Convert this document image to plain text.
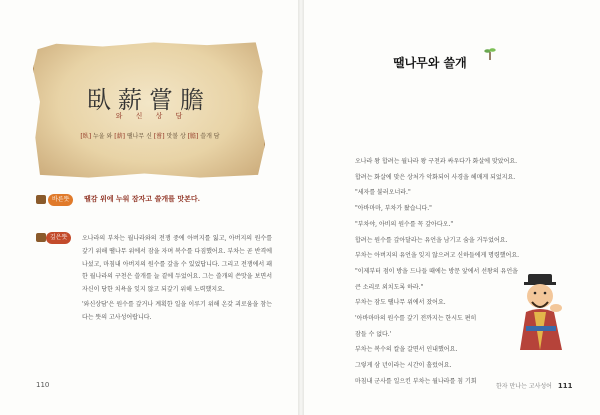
臥薪嘗膽
와	신	상	담
[臥] 누울 와 [薪] 땔나무 신 [嘗] 맛볼 상 [膽] 쓸개 담
바른뜻	땔감 위에 누워 잠자고 쓸개를 맛본다.
깊은뜻	오나라의 부차는 월나라와의 전쟁 중에 아버지를 잃고, 아버지의 원수를 갚기 위해 땔나무 위에서 잠을 자며 복수를 다짐했어요. 부차는 곧 반격에 나섰고, 마침내 아버지의 원수를 갚을 수 있었답니다. 그리고 전쟁에서 패한 월나라의 구천은 쓸개를 늘 곁에 두었어요. 그는 쓸개의 쓴맛을 보면서 자신이 당한 치욕을 잊지 않고 되갚기 위해 노력했지요.

'와신상담'은 원수를 갚거나 계획한 일을 이루기 위해 온갖 괴로움을 참는다는 뜻의 고사성어랍니다.

110
땔나무와 쓸개
오나라 왕 합려는 월나라 왕 구천과 싸우다가 화살에 맞았어요.
합려는 화살에 맞은 상처가 악화되어 사경을 헤매게 되었지요.
"세자를 불러오너라."
"아바마마, 부차가 왔습니다."
"부차야, 아비의 원수를 꼭 갚아다오."
합려는 원수를 갚아달라는 유언을 남기고 숨을 거두었어요.
부차는 아버지의 유언을 잊지 않으려고 신하들에게 명령했어요.
"이제부터 점이 방을 드나들 때에는 방문 앞에서 선왕의 유언을
큰 소리로 외치도록 하라."
부차는 잠도 땔나무 위에서 잤어요.
'아바마마의 원수를 갚기 전까지는 한시도 편히
잠들 수 없다.'
부차는 복수의 칼을 갈면서 인내했어요.
그렇게 삼 년이라는 시간이 흘렀어요.
마침내 군사를 일으킨 부차는 월나라를 침 기회
한자 만나는 고사성어 111
